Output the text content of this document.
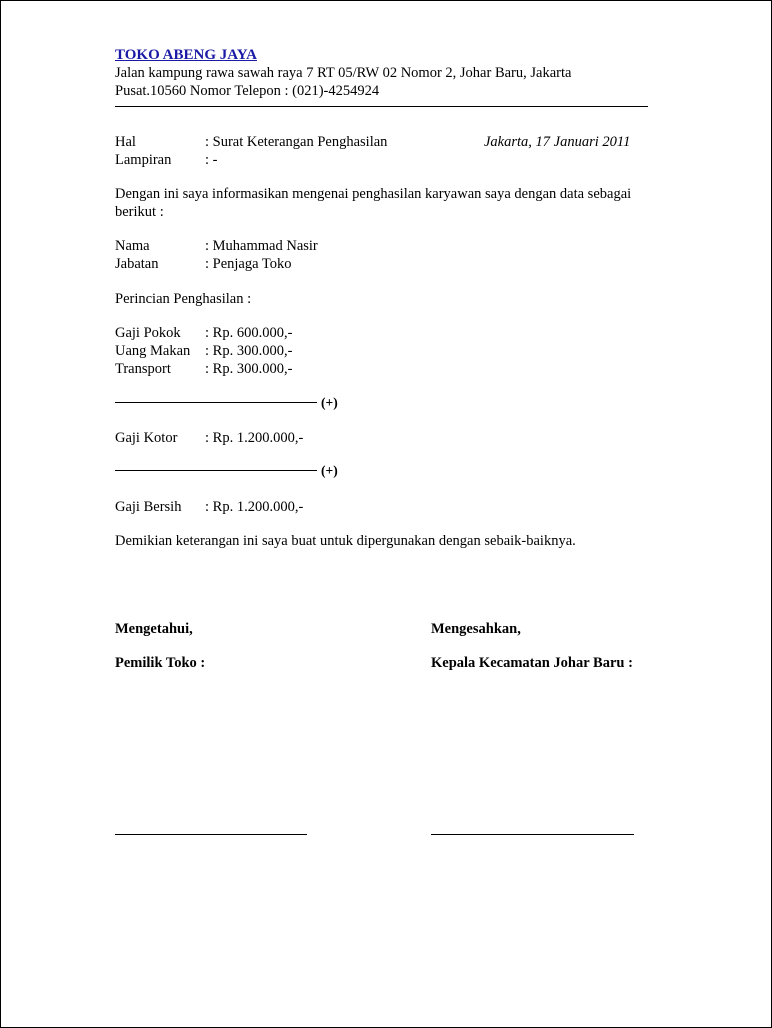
TOKO ABENG JAYA
Jalan kampung rawa sawah raya 7 RT 05/RW 02 Nomor 2, Johar Baru, Jakarta
Pusat.10560 Nomor Telepon : (021)-4254924
Hal	: Surat Keterangan Penghasilan	Jakarta, 17 Januari 2011
Lampiran : -
Dengan ini saya informasikan mengenai penghasilan karyawan saya dengan data sebagai
berikut :
Nama	: Muhammad Nasir
Jabatan	: Penjaga Toko
Perincian Penghasilan :
Gaji Pokok : Rp. 600.000,-
Uang Makan : Rp. 300.000,-
Transport : Rp. 300.000,-
(+)
Gaji Kotor : Rp. 1.200.000,-
(+)
Gaji Bersih : Rp. 1.200.000,-
Demikian keterangan ini saya buat untuk dipergunakan dengan sebaik-baiknya.
Mengetahui,
Pemilik Toko :
Mengesahkan,
Kepala Kecamatan Johar Baru :
